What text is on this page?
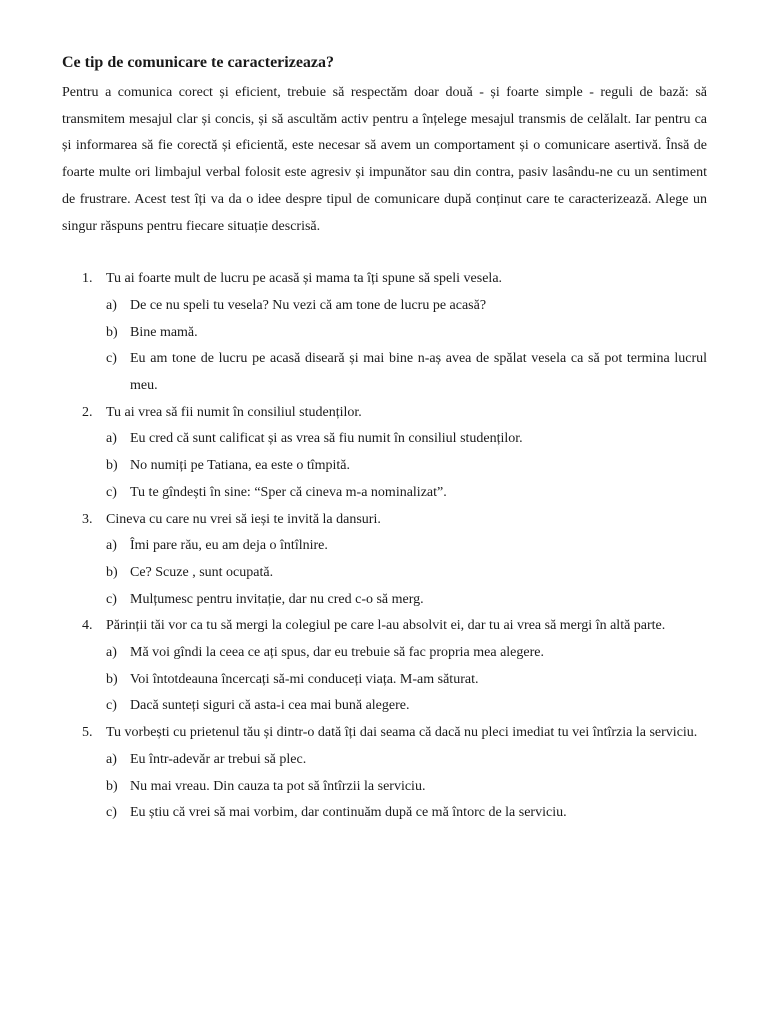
Ce tip de comunicare te caracterizeaza?

Pentru a comunica corect și eficient, trebuie să respectăm doar două - și foarte simple - reguli de bază: să transmitem mesajul clar și concis, și să ascultăm activ pentru a înțelege mesajul transmis de celălalt. Iar pentru ca și informarea să fie corectă și eficientă, este necesar să avem un comportament și o comunicare asertivă. Însă de foarte multe ori limbajul verbal folosit este agresiv și impunător sau din contra, pasiv lasându-ne cu un sentiment de frustrare. Acest test îți va da o idee despre tipul de comunicare după conținut care te caracterizează. Alege un singur răspuns pentru fiecare situație descrisă.

1. Tu ai foarte mult de lucru pe acasă și mama ta îți spune să speli vesela.
a) De ce nu speli tu vesela? Nu vezi că am tone de lucru pe acasă?
b) Bine mamă.
c) Eu am tone de lucru pe acasă diseară și mai bine n-aș avea de spălat vesela ca să pot termina lucrul meu.
2. Tu ai vrea să fii numit în consiliul studenților.
a) Eu cred că sunt calificat și as vrea să fiu numit în consiliul studenților.
b) No numiți pe Tatiana, ea este o tîmpită.
c) Tu te gîndești în sine: “Sper că cineva m-a nominalizat”.
3. Cineva cu care nu vrei să ieși te invită la dansuri.
a) Îmi pare rău, eu am deja o întîlnire.
b) Ce? Scuze , sunt ocupată.
c) Mulțumesc pentru invitație, dar nu cred c-o să merg.
4. Părinții tăi vor ca tu să mergi la colegiul pe care l-au absolvit ei, dar tu ai vrea să mergi în altă parte.
a) Mă voi gîndi la ceea ce ați spus, dar eu trebuie să fac propria mea alegere.
b) Voi întotdeauna încercați să-mi conduceți viața. M-am săturat.
c) Dacă sunteți siguri că asta-i cea mai bună alegere.
5. Tu vorbești cu prietenul tău și dintr-o dată îți dai seama că dacă nu pleci imediat tu vei întîrzia la serviciu.
a) Eu într-adevăr ar trebui să plec.
b) Nu mai vreau. Din cauza ta pot să întîrzii la serviciu.
c) Eu știu că vrei să mai vorbim, dar continuăm după ce mă întorc de la serviciu.
